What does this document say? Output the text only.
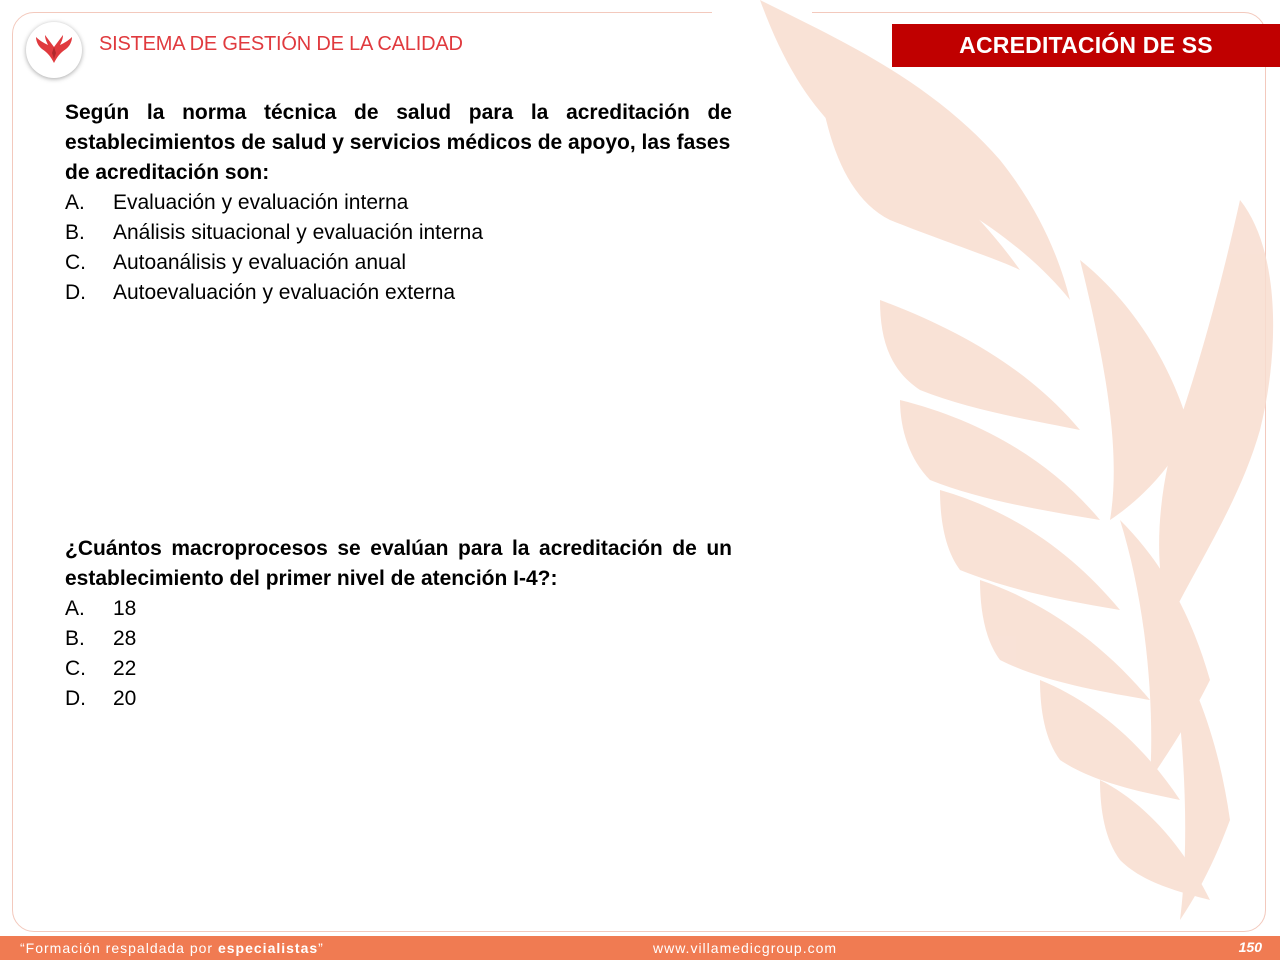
SISTEMA DE GESTIÓN DE LA CALIDAD	ACREDITACIÓN DE SS
Según la norma técnica de salud para la acreditación de establecimientos de salud y servicios médicos de apoyo, las fases
de acreditación son:
A.	Evaluación y evaluación interna
B.	Análisis situacional y evaluación interna
C.	Autoanálisis y evaluación anual
D.	Autoevaluación y evaluación externa
¿Cuántos macroprocesos se evalúan para la acreditación de un establecimiento del primer nivel de atención I-4?:
A.	18
B.	28
C.	22
D.	20
“Formación respaldada por especialistas”	www.villamedicgroup.com	150
